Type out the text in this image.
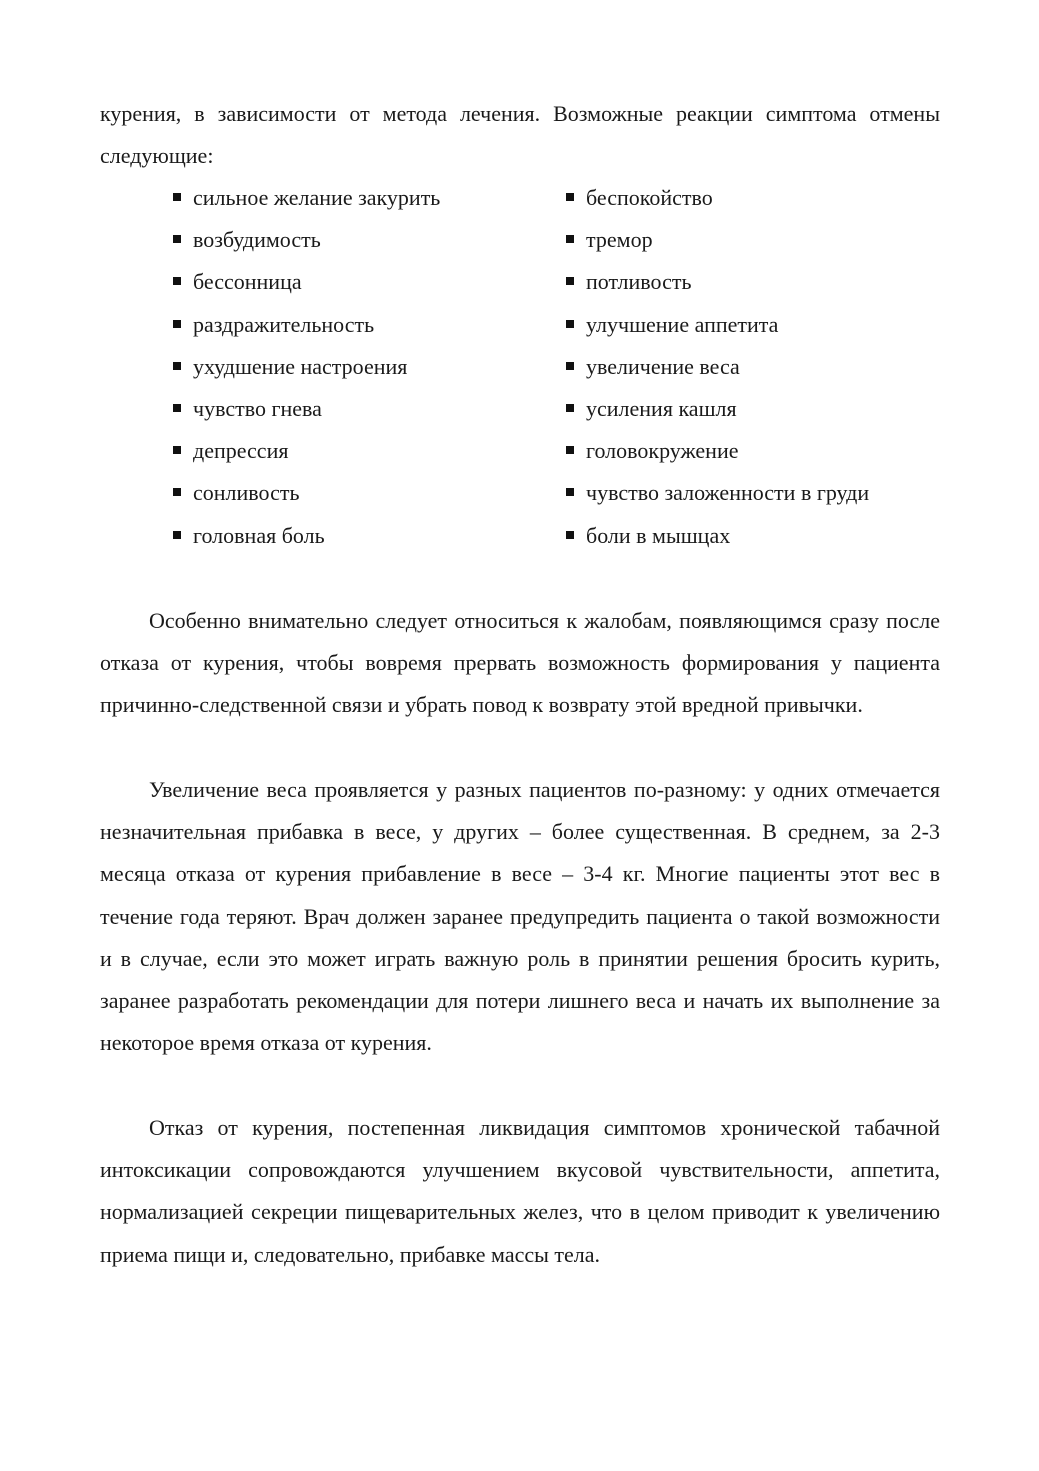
курения, в зависимости от метода лечения. Возможные реакции симптома отмены следующие:
сильное желание закурить
возбудимость
бессонница
раздражительность
ухудшение настроения
чувство гнева
депрессия
сонливость
головная боль
беспокойство
тремор
потливость
улучшение аппетита
увеличение веса
усиления кашля
головокружение
чувство заложенности в груди
боли в мышцах

Особенно внимательно следует относиться к жалобам, появляющимся сразу после отказа от курения, чтобы вовремя прервать возможность формирования у пациента причинно-следственной связи и убрать повод к возврату этой вредной привычки.

Увеличение веса проявляется у разных пациентов по-разному: у одних отмечается незначительная прибавка в весе, у других – более существенная. В среднем, за 2-3 месяца отказа от курения прибавление в весе – 3-4 кг. Многие пациенты этот вес в течение года теряют. Врач должен заранее предупредить пациента о такой возможности и в случае, если это может играть важную роль в принятии решения бросить курить, заранее разработать рекомендации для потери лишнего веса и начать их выполнение за некоторое время отказа от курения.

Отказ от курения, постепенная ликвидация симптомов хронической табачной интоксикации сопровождаются улучшением вкусовой чувствительности, аппетита, нормализацией секреции пищеварительных желез, что в целом приводит к увеличению приема пищи и, следовательно, прибавке массы тела.
